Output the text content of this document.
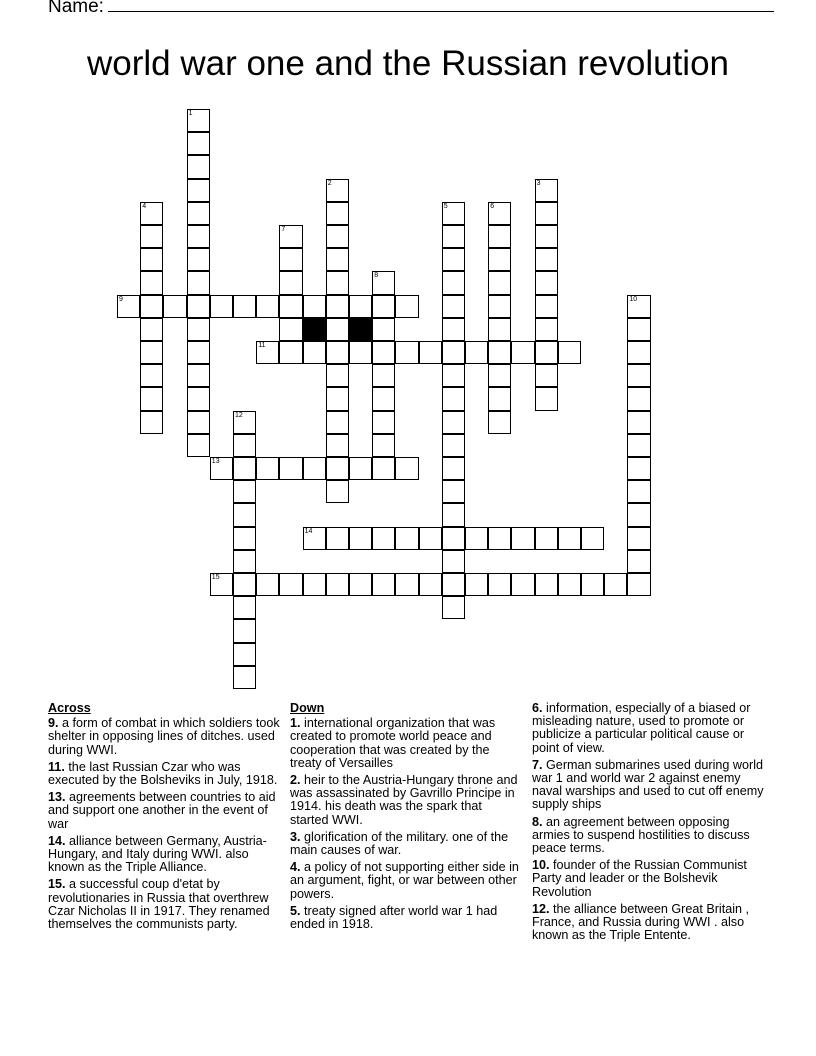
Name:
world war one and the Russian revolution
1
2	3
4	5	6
7
8
9	10
11
12
13
14
15
Across
9. a form of combat in which soldiers took shelter in opposing lines of ditches. used during WWI.
11. the last Russian Czar who was executed by the Bolsheviks in July, 1918.
13. agreements between countries to aid and support one another in the event of war
14. alliance between Germany, Austria-Hungary, and Italy during WWI. also known as the Triple Alliance.
15. a successful coup d'etat by revolutionaries in Russia that overthrew Czar Nicholas II in 1917. They renamed themselves the communists party.
Down
1. international organization that was created to promote world peace and cooperation that was created by the treaty of Versailles
2. heir to the Austria-Hungary throne and was assassinated by Gavrillo Principe in 1914. his death was the spark that started WWI.
3. glorification of the military. one of the main causes of war.
4. a policy of not supporting either side in an argument, fight, or war between other powers.
5. treaty signed after world war 1 had ended in 1918.
6. information, especially of a biased or misleading nature, used to promote or publicize a particular political cause or point of view.
7. German submarines used during world war 1 and world war 2 against enemy naval warships and used to cut off enemy supply ships
8. an agreement between opposing armies to suspend hostilities to discuss peace terms.
10. founder of the Russian Communist Party and leader or the Bolshevik Revolution
12. the alliance between Great Britain , France, and Russia during WWI . also known as the Triple Entente.
